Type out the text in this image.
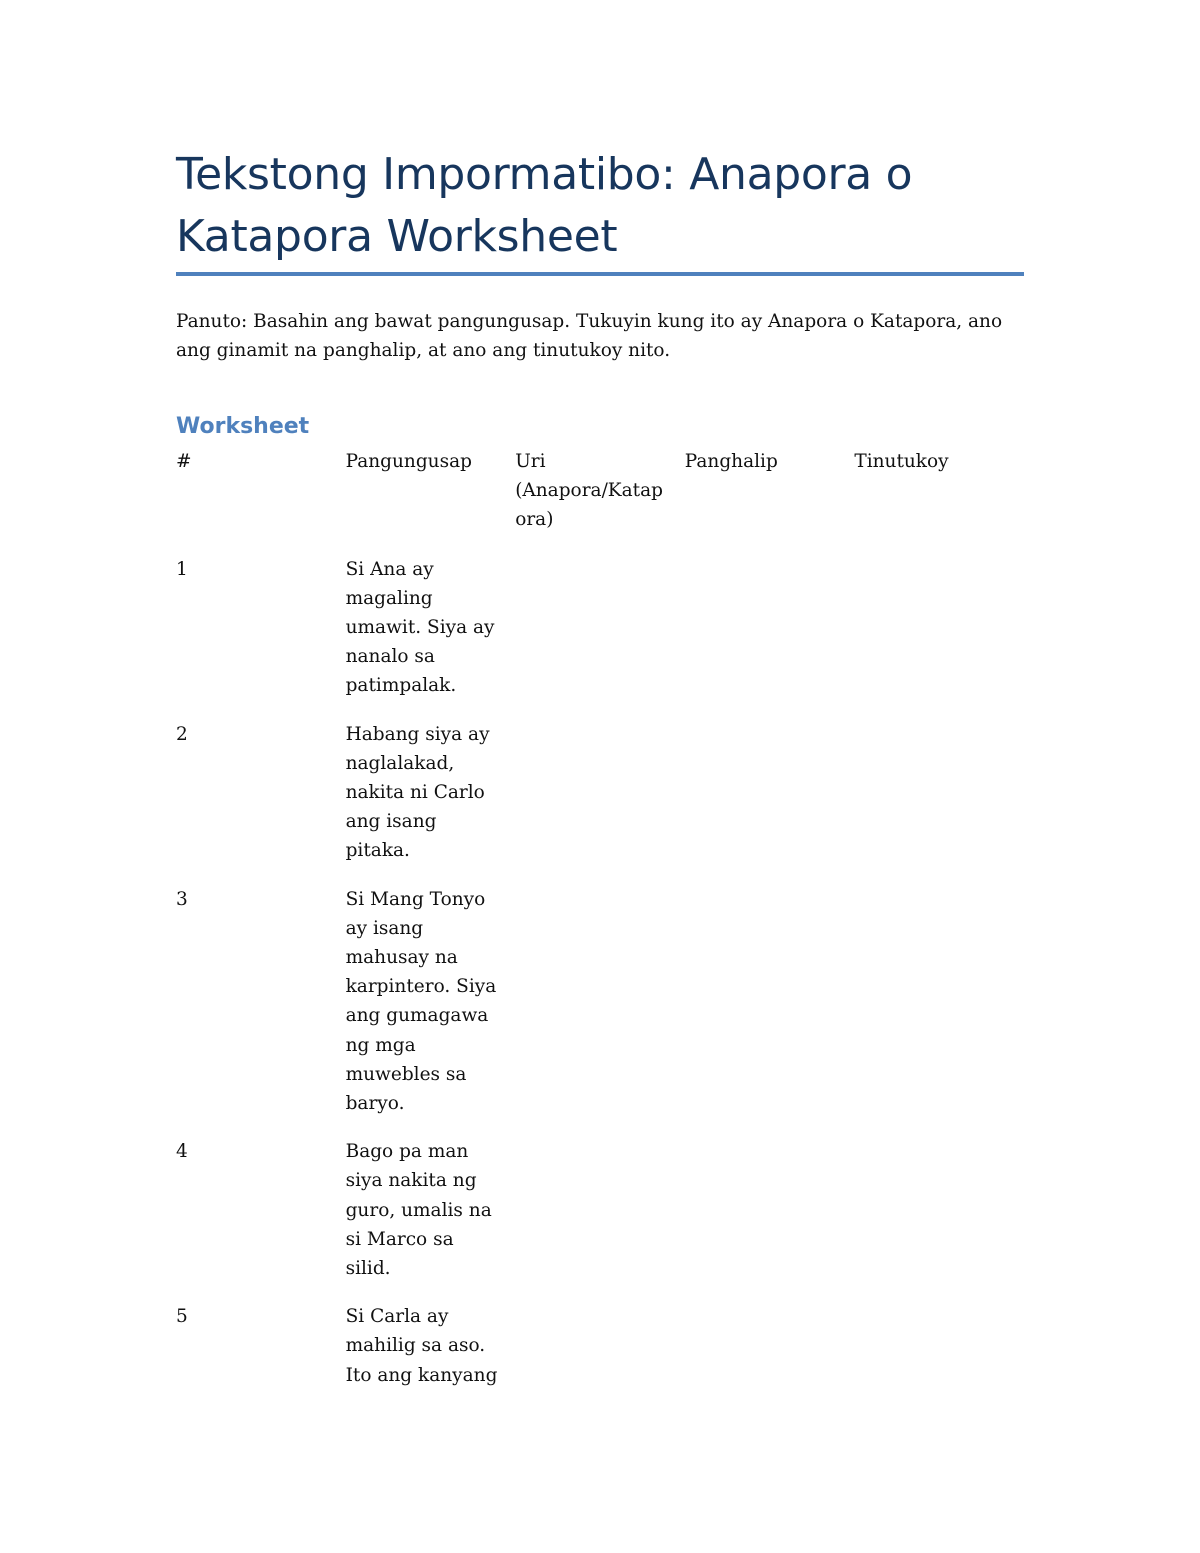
Tekstong Impormatibo: Anapora o Katapora Worksheet

Panuto: Basahin ang bawat pangungusap. Tukuyin kung ito ay Anapora o Katapora, ano ang ginamit na panghalip, at ano ang tinutukoy nito.

Worksheet
#	Pangungusap	Uri (Anapora/Katapora)	Panghalip	Tinutukoy
1	Si Ana ay magaling umawit. Siya ay nanalo sa patimpalak.			
2	Habang siya ay naglalakad, nakita ni Carlo ang isang pitaka.			
3	Si Mang Tonyo ay isang mahusay na karpintero. Siya ang gumagawa ng mga muwebles sa baryo.			
4	Bago pa man siya nakita ng guro, umalis na si Marco sa silid.			
5	Si Carla ay mahilig sa aso. Ito ang kanyang			
